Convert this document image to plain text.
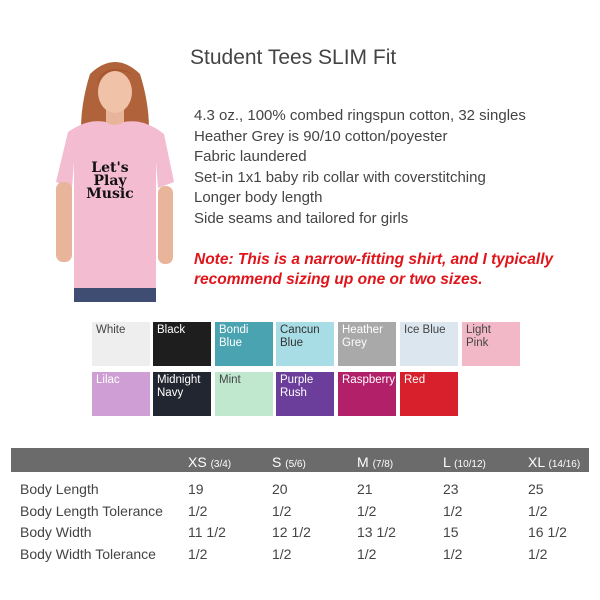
Let's
Play
Music
Student Tees SLIM Fit
4.3 oz., 100% combed ringspun cotton, 32 singles
Heather Grey is 90/10 cotton/poyester
Fabric laundered
Set-in 1x1 baby rib collar with coverstitching
Longer body length
Side seams and tailored for girls
Note: This is a narrow-fitting shirt, and I typically recommend sizing up one or two sizes.
White	Black	Bondi
Blue
Cancun
Blue
Heather
Grey
Ice Blue	Light Pink
Lilac	Midnight
Navy
Mint	Purple
Rush
Raspberry Red
XS (3/4)	S (5/6)	M (7/8)	L (10/12)	XL (14/16)
Body Length	19	20	21	23	25
Body Length Tolerance 1/2	1/2	1/2	1/2	1/2
Body Width	11 1/2	12 1/2	13 1/2	15	16 1/2
Body Width Tolerance 1/2	1/2	1/2	1/2	1/2
